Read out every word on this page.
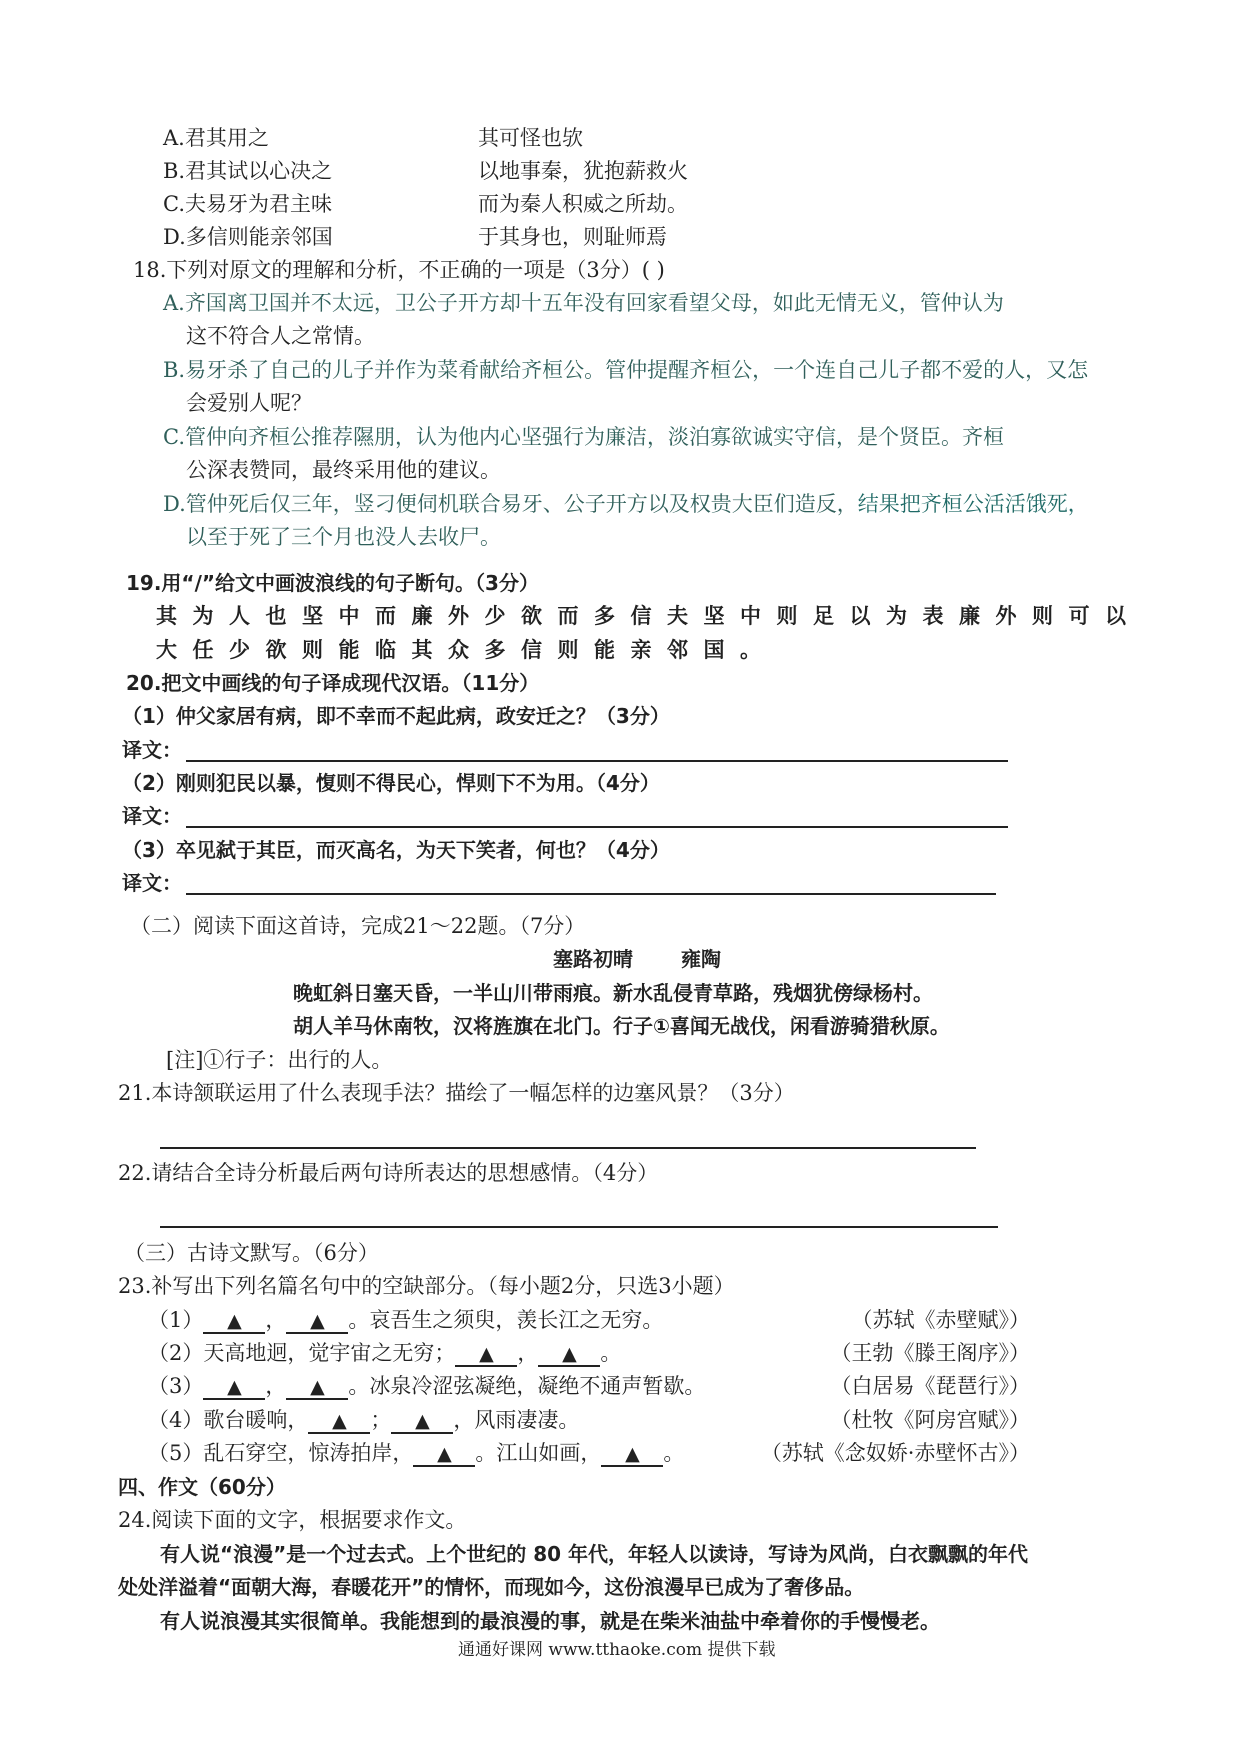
A.君其用之	其可怪也欤
B.君其试以心决之	以地事秦，犹抱薪救火
C.夫易牙为君主味	而为秦人积威之所劫。
D.多信则能亲邻国	于其身也，则耻师焉
18.下列对原文的理解和分析，不正确的一项是（3分）( )
A.齐国离卫国并不太远，卫公子开方却十五年没有回家看望父母，如此无情无义，管仲认为
这不符合人之常情。
B.易牙杀了自己的儿子并作为菜肴献给齐桓公。管仲提醒齐桓公，一个连自己儿子都不爱的人，又怎
会爱别人呢？
C.管仲向齐桓公推荐隰朋，认为他内心坚强行为廉洁，淡泊寡欲诚实守信，是个贤臣。齐桓
公深表赞同，最终采用他的建议。
D.管仲死后仅三年，竖刁便伺机联合易牙、公子开方以及权贵大臣们造反，结果把齐桓公活活饿死，
以至于死了三个月也没人去收尸。
19.用“/”给文中画波浪线的句子断句。（3分）
其为人也坚中而廉外少欲而多信夫坚中则足以为表廉外则可以
大任少欲则能临其众多信则能亲邻国。
20.把文中画线的句子译成现代汉语。（11分）
（1）仲父家居有病，即不幸而不起此病，政安迁之？（3分）
译文：
（2）刚则犯民以暴，愎则不得民心，悍则下不为用。（4分）
译文：
（3）卒见弑于其臣，而灭高名，为天下笑者，何也？（4分）
译文：
（二）阅读下面这首诗，完成21～22题。（7分）
塞路初晴 雍陶
晚虹斜日塞天昏，一半山川带雨痕。新水乱侵青草路，残烟犹傍绿杨村。
胡人羊马休南牧，汉将旌旗在北门。行子①喜闻无战伐，闲看游骑猎秋原。
[注]①行子：出行的人。
21.本诗颔联运用了什么表现手法？描绘了一幅怎样的边塞风景？（3分）
22.请结合全诗分析最后两句诗所表达的思想感情。（4分）
（三）古诗文默写。（6分）
23.补写出下列名篇名句中的空缺部分。（每小题2分，只选3小题）
（1） ▲ ， ▲ 。哀吾生之须臾，羡长江之无穷。	（苏轼《赤壁赋》）
（2）天高地迥，觉宇宙之无穷； ▲ ， ▲ 。	（王勃《滕王阁序》）
（3） ▲ ， ▲ 。冰泉冷涩弦凝绝，凝绝不通声暂歇。	（白居易《琵琶行》）
（4）歌台暖响， ▲ ； ▲ ，风雨凄凄。	（杜牧《阿房宫赋》）
（5）乱石穿空，惊涛拍岸， ▲ 。江山如画， ▲ 。	（苏轼《念奴娇·赤壁怀古》）
四、作文（60分）
24.阅读下面的文字，根据要求作文。
有人说“浪漫”是一个过去式。上个世纪的 80 年代，年轻人以读诗，写诗为风尚，白衣飘飘的年代
处处洋溢着“面朝大海，春暖花开”的情怀，而现如今，这份浪漫早已成为了奢侈品。
有人说浪漫其实很简单。我能想到的最浪漫的事，就是在柴米油盐中牵着你的手慢慢老。
通通好课网 www.tthaoke.com 提供下载
